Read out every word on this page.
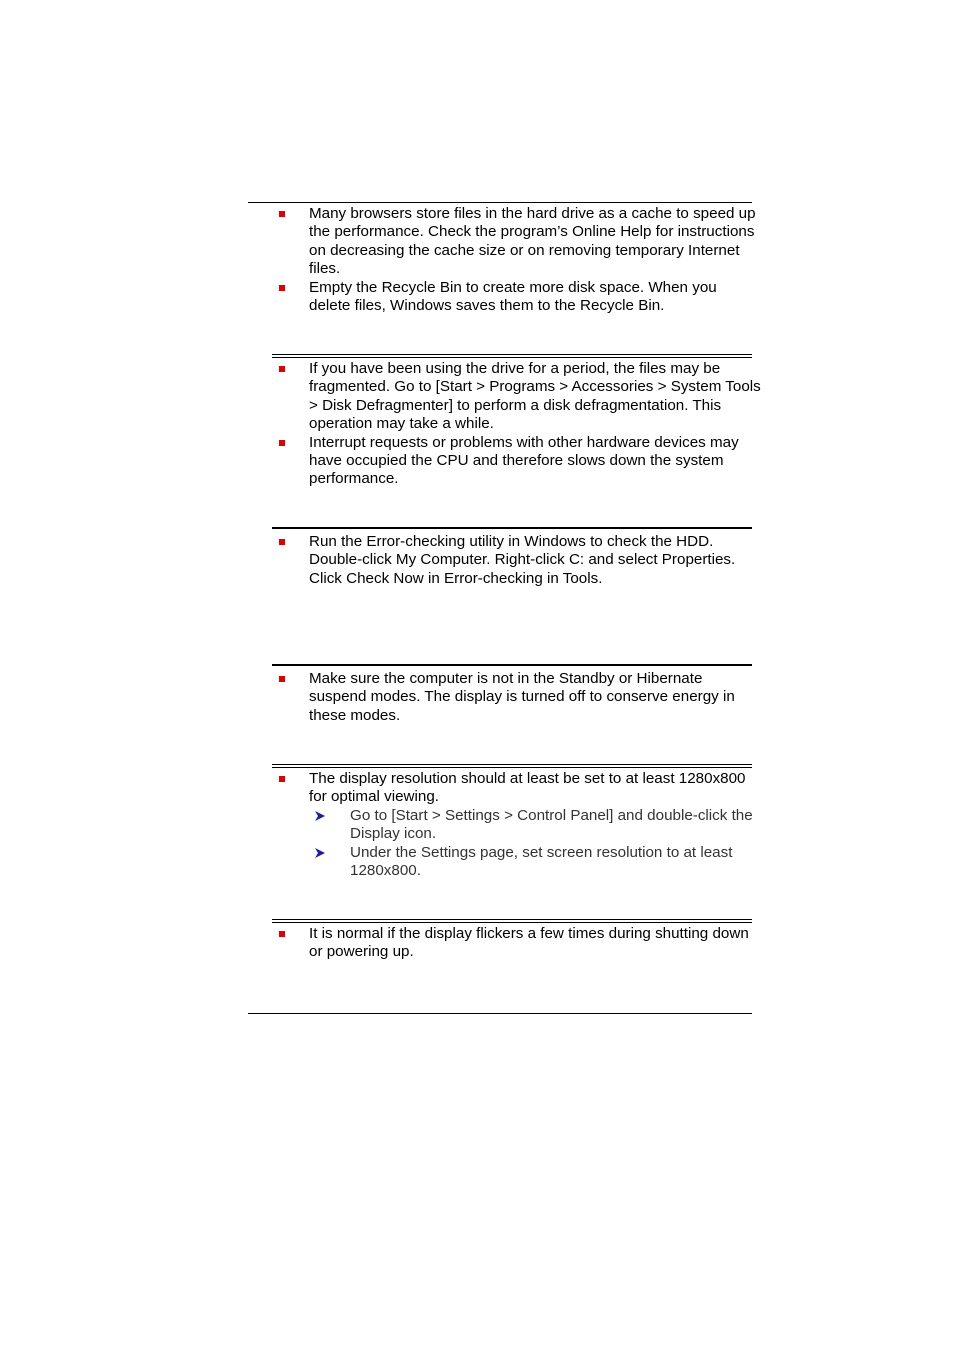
Many browsers store files in the hard drive as a cache to speed up the performance. Check the program’s Online Help for instructions on decreasing the cache size or on removing temporary Internet files.
Empty the Recycle Bin to create more disk space. When you delete files, Windows saves them to the Recycle Bin.
If you have been using the drive for a period, the files may be fragmented. Go to [Start > Programs > Accessories > System Tools > Disk Defragmenter] to perform a disk defragmentation. This operation may take a while.
Interrupt requests or problems with other hardware devices may have occupied the CPU and therefore slows down the system performance.
Run the Error-checking utility in Windows to check the HDD. Double-click My Computer. Right-click C: and select Properties. Click Check Now in Error-checking in Tools.
Make sure the computer is not in the Standby or Hibernate suspend modes. The display is turned off to conserve energy in these modes.
The display resolution should at least be set to at least 1280x800 for optimal viewing.
Go to [Start > Settings > Control Panel] and double-click the Display icon.
Under the Settings page, set screen resolution to at least 1280x800.
It is normal if the display flickers a few times during shutting down or powering up.
